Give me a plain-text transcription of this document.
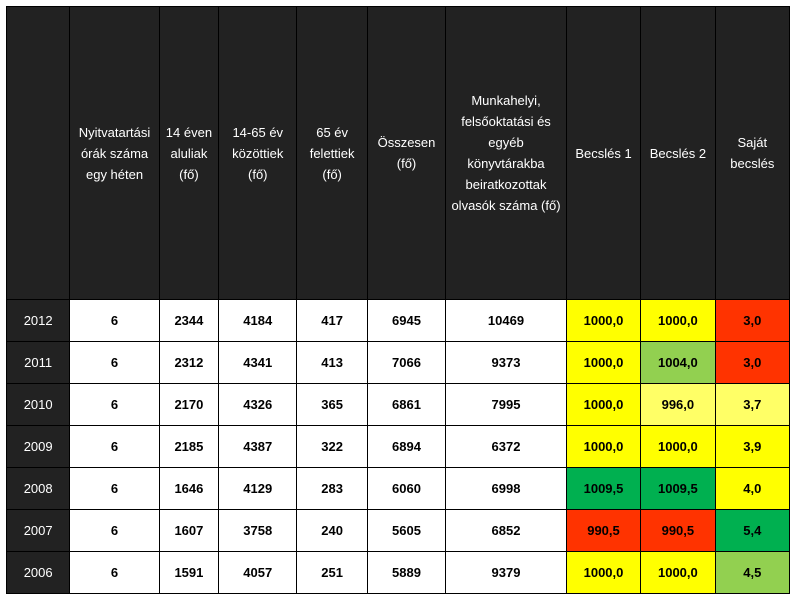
	Nyitvatartási órák száma egy héten	14 éven aluliak (fő)	14-65 év közöttiek (fő)	65 év felettiek (fő)	Összesen (fő)	Munkahelyi, felsőoktatási és egyéb könyvtárakba beiratkozottak olvasók száma (fő)	Becslés 1	Becslés 2	Saját becslés
2012	6	2344	4184	417	6945	10469	1000,0	1000,0	3,0
2011	6	2312	4341	413	7066	9373	1000,0	1004,0	3,0
2010	6	2170	4326	365	6861	7995	1000,0	996,0	3,7
2009	6	2185	4387	322	6894	6372	1000,0	1000,0	3,9
2008	6	1646	4129	283	6060	6998	1009,5	1009,5	4,0
2007	6	1607	3758	240	5605	6852	990,5	990,5	5,4
2006	6	1591	4057	251	5889	9379	1000,0	1000,0	4,5
